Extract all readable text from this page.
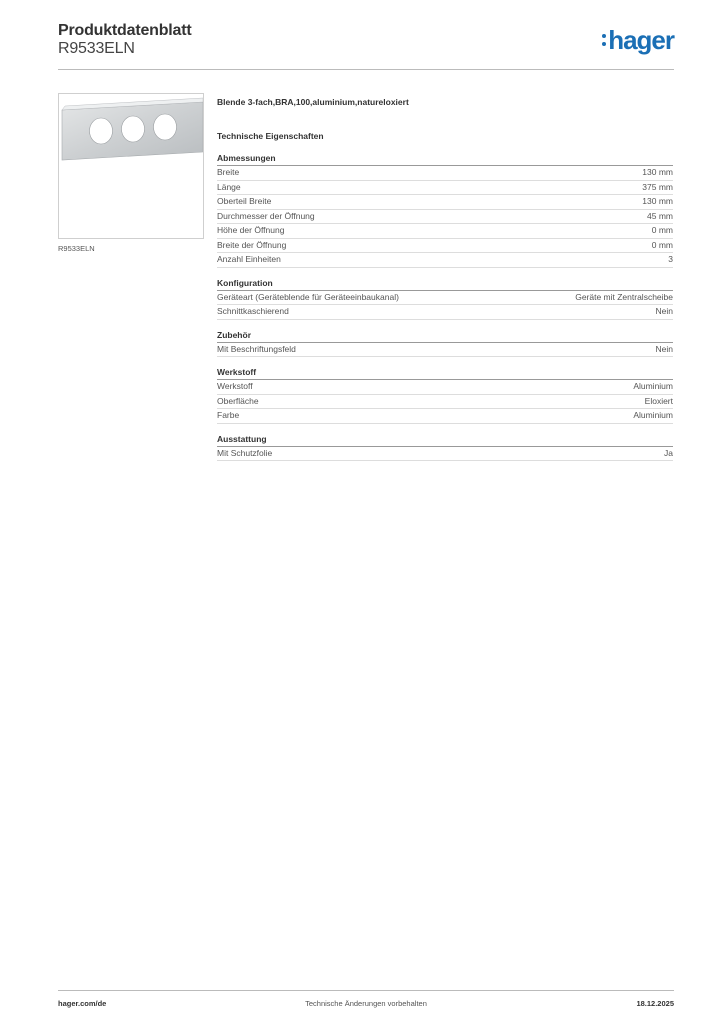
Produktdatenblatt
R9533ELN	hager
R9533ELN
Blende 3-fach,BRA,100,aluminium,natureloxiert
Technische Eigenschaften
Abmessungen
Breite	130 mm
Länge	375 mm
Oberteil Breite	130 mm
Durchmesser der Öffnung	45 mm
Höhe der Öffnung	0 mm
Breite der Öffnung	0 mm
Anzahl Einheiten	3
Konfiguration
Geräteart (Geräteblende für Geräteeinbaukanal)	Geräte mit Zentralscheibe
Schnittkaschierend	Nein
Zubehör
Mit Beschriftungsfeld	Nein
Werkstoff
Werkstoff	Aluminium
Oberfläche	Eloxiert
Farbe	Aluminium
Ausstattung
Mit Schutzfolie	Ja
hager.com/de	Technische Änderungen vorbehalten	18.12.2025
